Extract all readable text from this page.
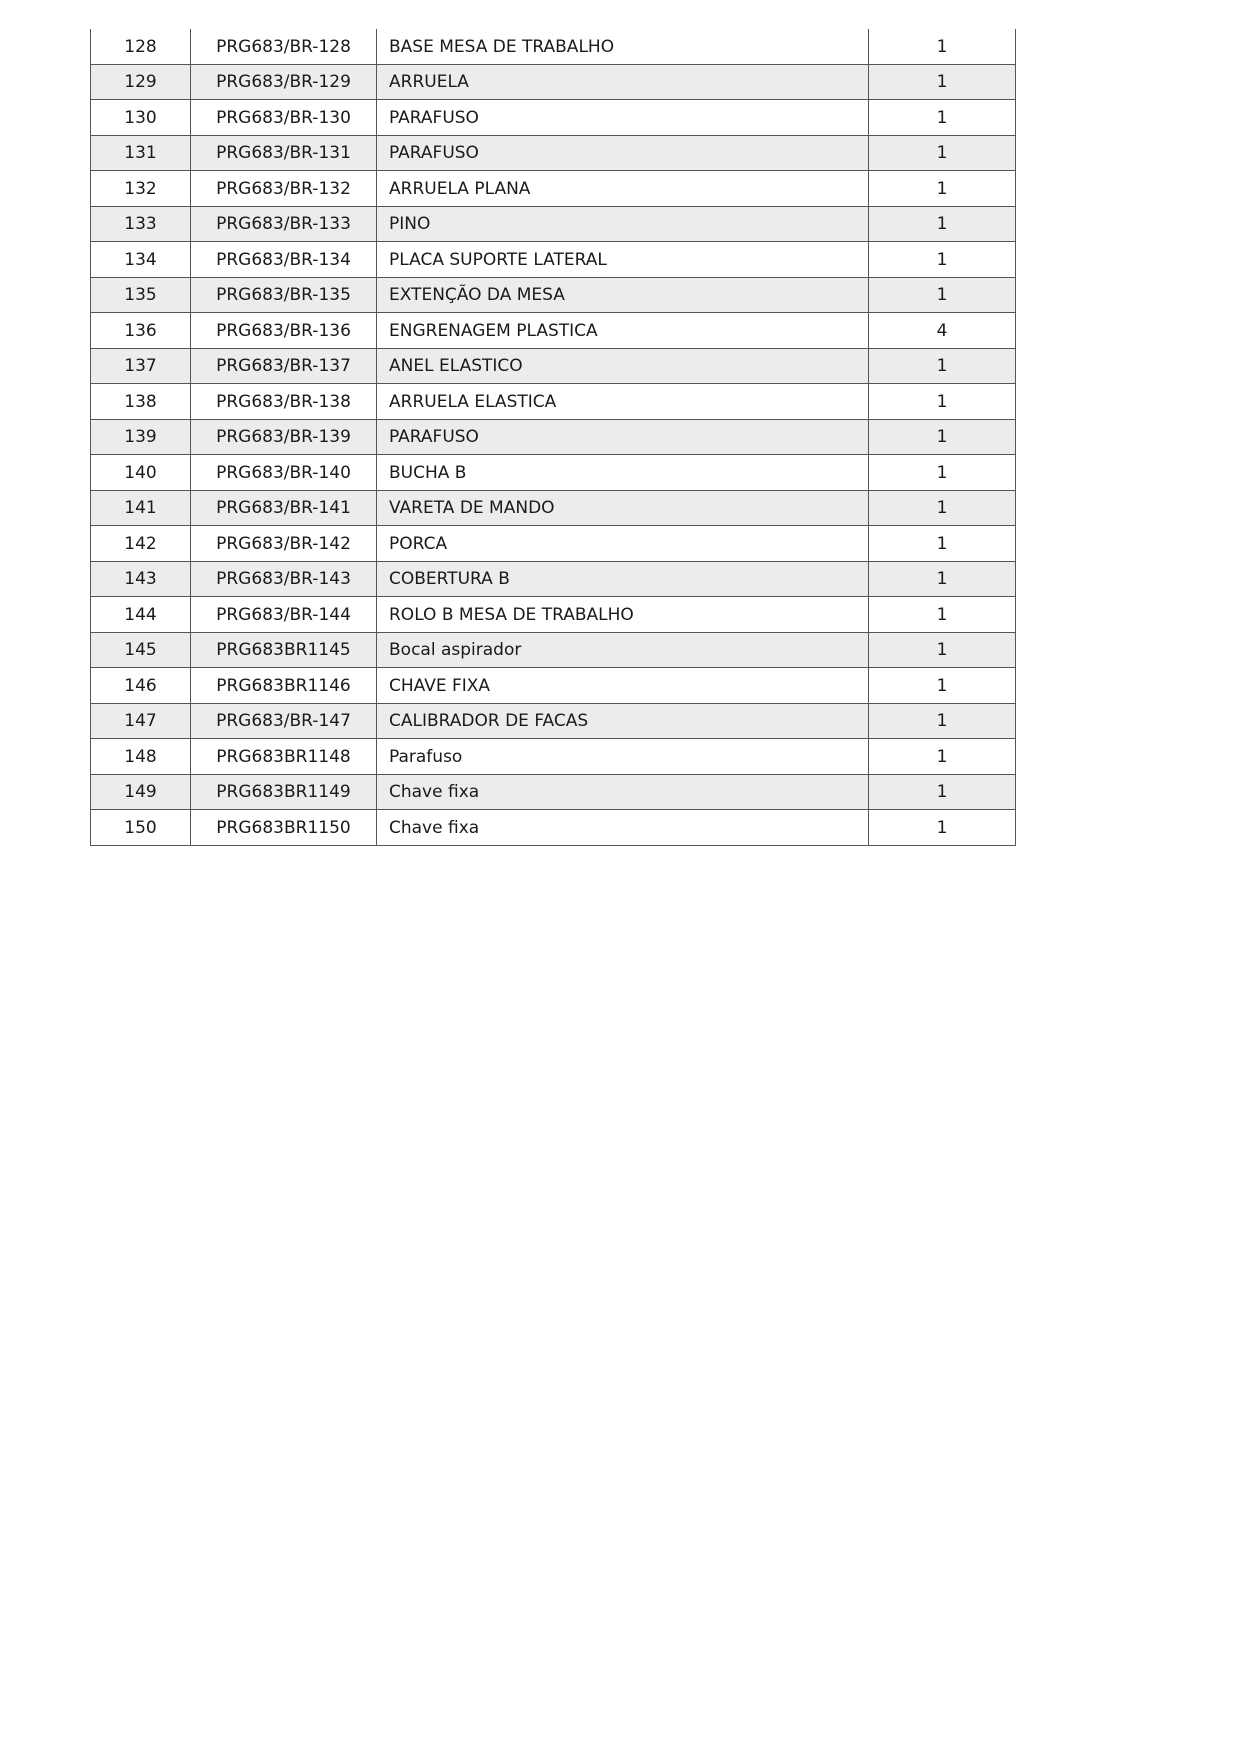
128	PRG683/BR-128	BASE MESA DE TRABALHO	1
129	PRG683/BR-129	ARRUELA	1
130	PRG683/BR-130	PARAFUSO	1
131	PRG683/BR-131	PARAFUSO	1
132	PRG683/BR-132	ARRUELA PLANA	1
133	PRG683/BR-133	PINO	1
134	PRG683/BR-134	PLACA SUPORTE LATERAL	1
135	PRG683/BR-135	EXTENÇÃO DA MESA	1
136	PRG683/BR-136	ENGRENAGEM PLASTICA	4
137	PRG683/BR-137	ANEL ELASTICO	1
138	PRG683/BR-138	ARRUELA ELASTICA	1
139	PRG683/BR-139	PARAFUSO	1
140	PRG683/BR-140	BUCHA B	1
141	PRG683/BR-141	VARETA DE MANDO	1
142	PRG683/BR-142	PORCA	1
143	PRG683/BR-143	COBERTURA B	1
144	PRG683/BR-144	ROLO B MESA DE TRABALHO	1
145	PRG683BR1145	Bocal aspirador	1
146	PRG683BR1146	CHAVE FIXA	1
147	PRG683/BR-147	CALIBRADOR DE FACAS	1
148	PRG683BR1148	Parafuso	1
149	PRG683BR1149	Chave fixa	1
150	PRG683BR1150	Chave fixa	1
